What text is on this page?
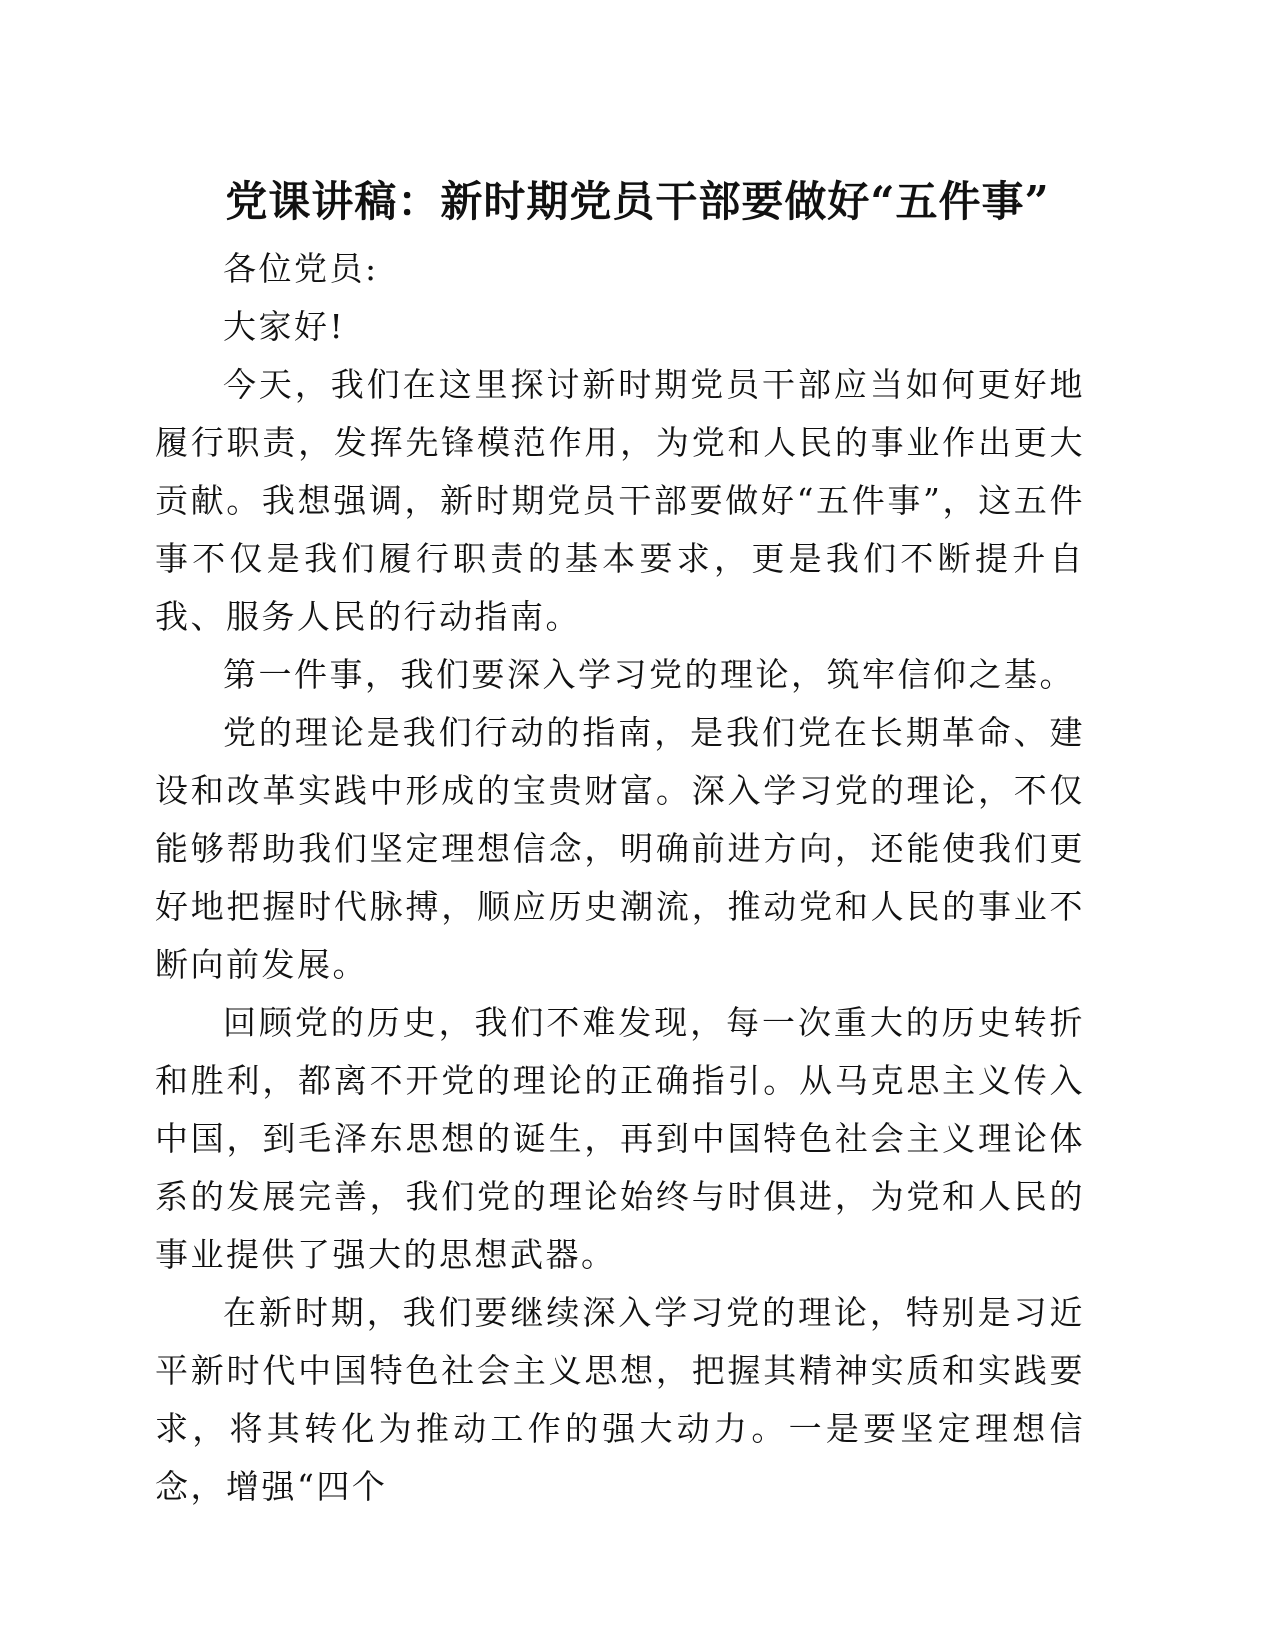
党课讲稿：新时期党员干部要做好“五件事”

各位党员:

大家好!

今天，我们在这里探讨新时期党员干部应当如何更好地履行职责，发挥先锋模范作用，为党和人民的事业作出更大贡献。我想强调，新时期党员干部要做好“五件事”，这五件事不仅是我们履行职责的基本要求，更是我们不断提升自我、服务人民的行动指南。

第一件事，我们要深入学习党的理论，筑牢信仰之基。

党的理论是我们行动的指南，是我们党在长期革命、建设和改革实践中形成的宝贵财富。深入学习党的理论，不仅能够帮助我们坚定理想信念，明确前进方向，还能使我们更好地把握时代脉搏，顺应历史潮流，推动党和人民的事业不断向前发展。

回顾党的历史，我们不难发现，每一次重大的历史转折和胜利，都离不开党的理论的正确指引。从马克思主义传入中国，到毛泽东思想的诞生，再到中国特色社会主义理论体系的发展完善，我们党的理论始终与时俱进，为党和人民的事业提供了强大的思想武器。

在新时期，我们要继续深入学习党的理论，特别是习近平新时代中国特色社会主义思想，把握其精神实质和实践要求，将其转化为推动工作的强大动力。一是要坚定理想信念，增强“四个
